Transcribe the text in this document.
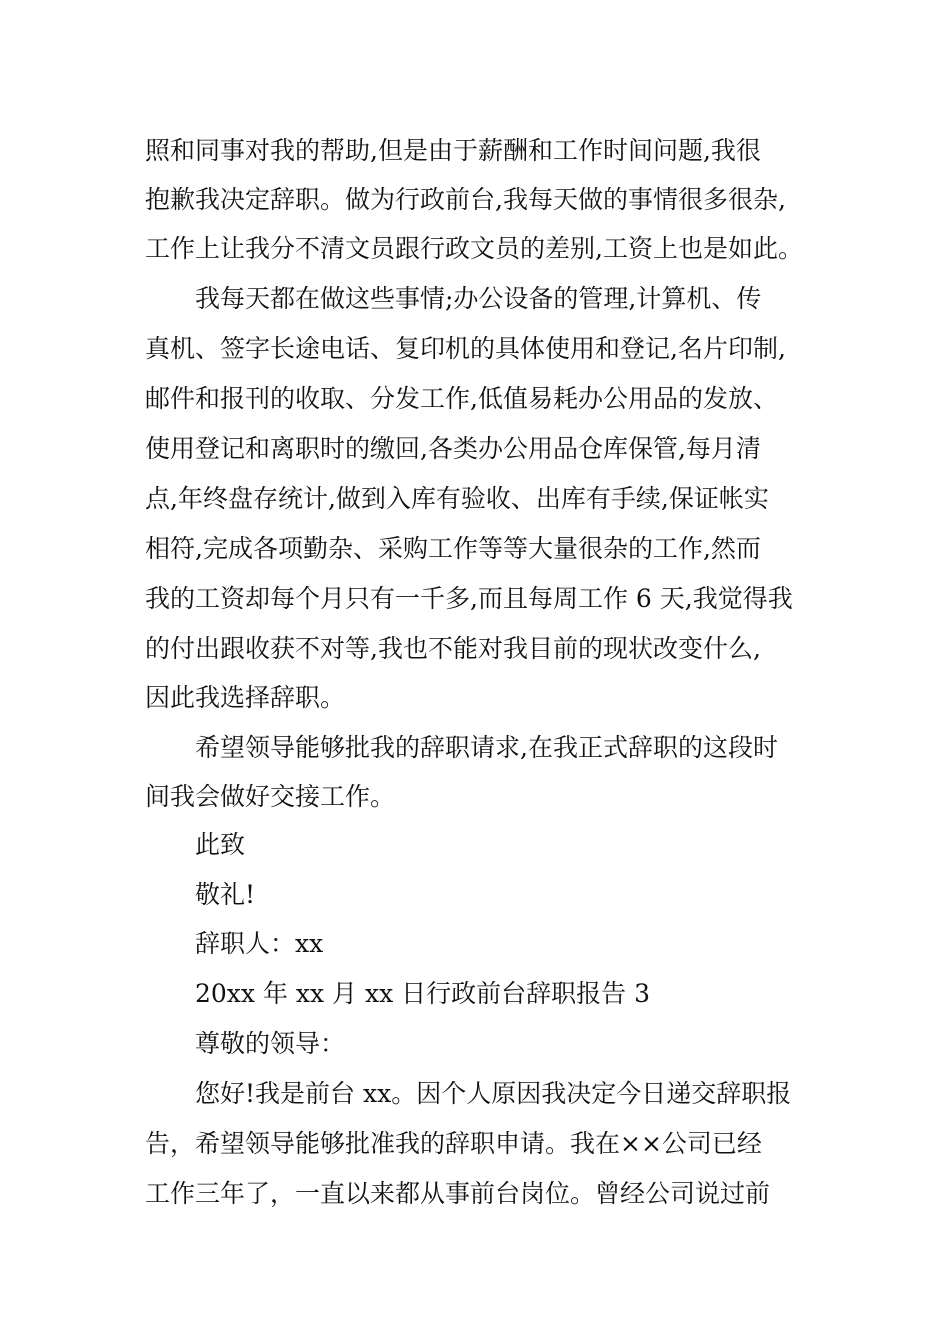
照和同事对我的帮助,但是由于薪酬和工作时间问题,我很
抱歉我决定辞职。做为行政前台,我每天做的事情很多很杂,
工作上让我分不清文员跟行政文员的差别,工资上也是如此。
我每天都在做这些事情;办公设备的管理,计算机、传
真机、签字长途电话、复印机的具体使用和登记,名片印制,
邮件和报刊的收取、分发工作,低值易耗办公用品的发放、
使用登记和离职时的缴回,各类办公用品仓库保管,每月清
点,年终盘存统计,做到入库有验收、出库有手续,保证帐实
相符,完成各项勤杂、采购工作等等大量很杂的工作,然而
我的工资却每个月只有一千多,而且每周工作 6 天,我觉得我
的付出跟收获不对等,我也不能对我目前的现状改变什么,
因此我选择辞职。
希望领导能够批我的辞职请求,在我正式辞职的这段时
间我会做好交接工作。
此致
敬礼!
辞职人：xx
20xx 年 xx 月 xx 日行政前台辞职报告 3
尊敬的领导：
您好!我是前台 xx。因个人原因我决定今日递交辞职报
告，希望领导能够批准我的辞职申请。我在××公司已经
工作三年了，一直以来都从事前台岗位。曾经公司说过前
